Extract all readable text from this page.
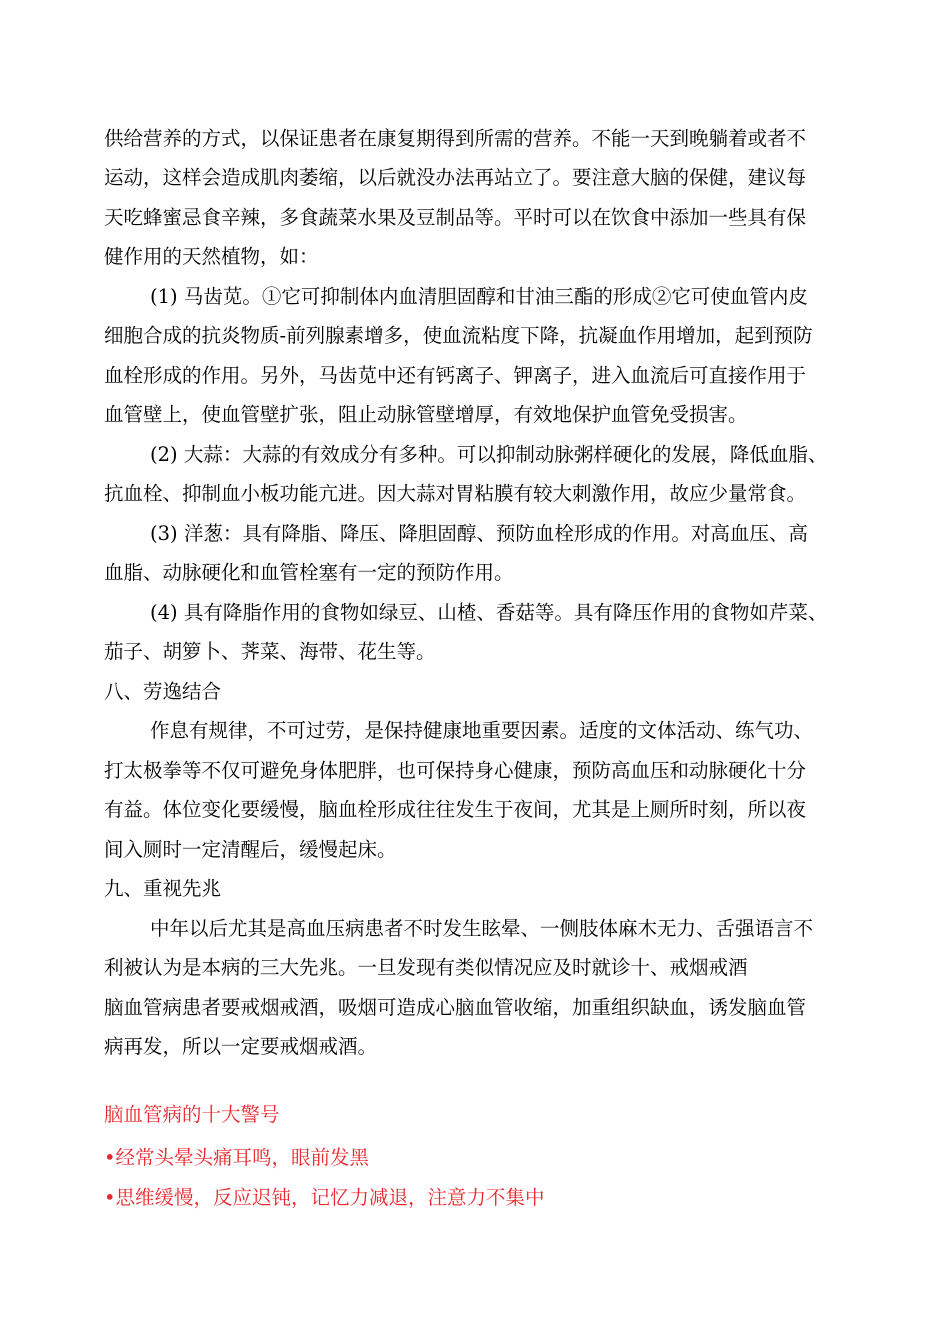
供给营养的方式，以保证患者在康复期得到所需的营养。不能一天到晚躺着或者不
运动，这样会造成肌肉萎缩，以后就没办法再站立了。要注意大脑的保健，建议每
天吃蜂蜜忌食辛辣，多食蔬菜水果及豆制品等。平时可以在饮食中添加一些具有保
健作用的天然植物，如：
(1) 马齿苋。①它可抑制体内血清胆固醇和甘油三酯的形成②它可使血管内皮
细胞合成的抗炎物质-前列腺素增多，使血流粘度下降，抗凝血作用增加，起到预防
血栓形成的作用。另外，马齿苋中还有钙离子、钾离子，进入血流后可直接作用于
血管壁上，使血管壁扩张，阻止动脉管壁增厚，有效地保护血管免受损害。
(2) 大蒜：大蒜的有效成分有多种。可以抑制动脉粥样硬化的发展，降低血脂、
抗血栓、抑制血小板功能亢进。因大蒜对胃粘膜有较大刺激作用，故应少量常食。
(3) 洋葱：具有降脂、降压、降胆固醇、预防血栓形成的作用。对高血压、高
血脂、动脉硬化和血管栓塞有一定的预防作用。
(4) 具有降脂作用的食物如绿豆、山楂、香菇等。具有降压作用的食物如芹菜、
茄子、胡箩卜、荠菜、海带、花生等。
八、劳逸结合
作息有规律，不可过劳，是保持健康地重要因素。适度的文体活动、练气功、
打太极拳等不仅可避免身体肥胖，也可保持身心健康，预防高血压和动脉硬化十分
有益。体位变化要缓慢，脑血栓形成往往发生于夜间，尤其是上厕所时刻，所以夜
间入厕时一定清醒后，缓慢起床。
九、重视先兆
中年以后尤其是高血压病患者不时发生眩晕、一侧肢体麻木无力、舌强语言不
利被认为是本病的三大先兆。一旦发现有类似情况应及时就诊十、戒烟戒酒
脑血管病患者要戒烟戒酒，吸烟可造成心脑血管收缩，加重组织缺血，诱发脑血管
病再发，所以一定要戒烟戒酒。
脑血管病的十大警号
•经常头晕头痛耳鸣，眼前发黑
•思维缓慢，反应迟钝，记忆力减退，注意力不集中
